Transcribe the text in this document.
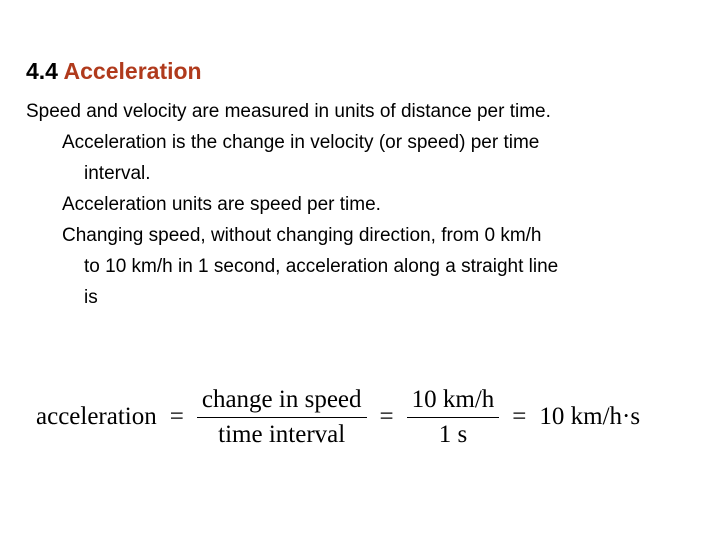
4.4 Acceleration
Speed and velocity are measured in units of distance per time.
Acceleration is the change in velocity (or speed) per time
interval.
Acceleration units are speed per time.
Changing speed, without changing direction, from 0 km/h
to 10 km/h in 1 second, acceleration along a straight line
is
acceleration = $\frac{\text{change in speed}}{\text{time interval}} = \frac{10 km/h}{1 s} = 10$ km/h·s
